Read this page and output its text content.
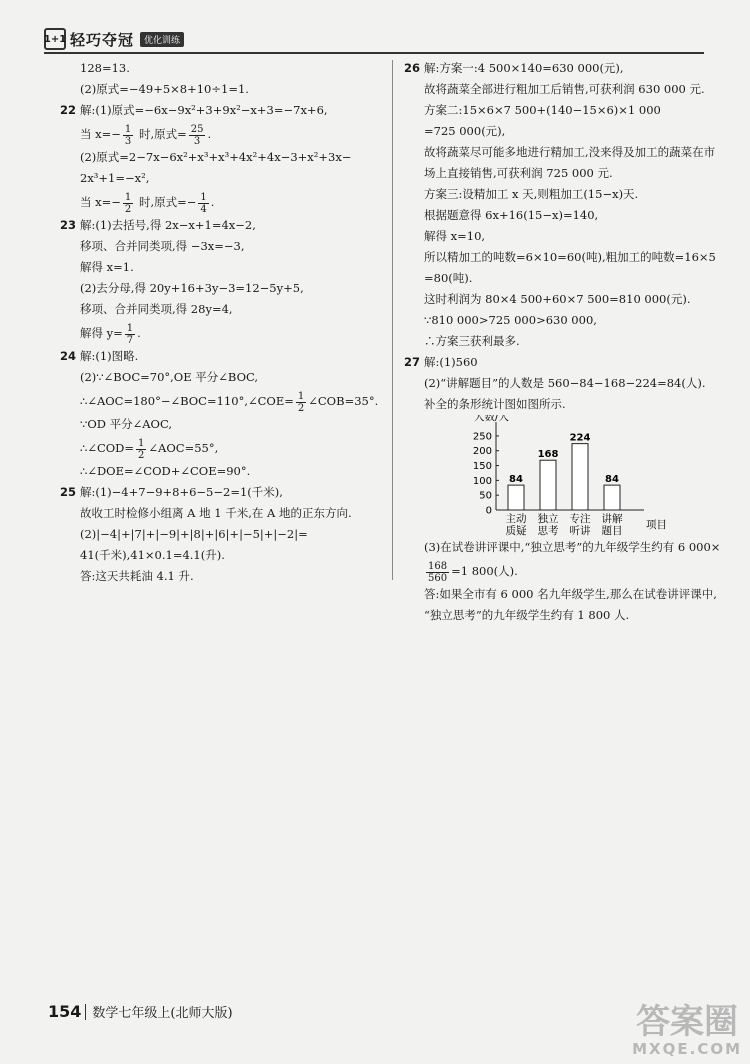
1+1 轻巧夺冠	优化训练
128=13.
(2)原式=−49+5×8+10÷1=1.
22 解:(1)原式=−6x−9x²+3+9x²−x+3=−7x+6,
当 $x=- \frac{1}{3}$ 时,原式= $\frac{25}{3}$ .
(2)原式=2−7x−6x²+x³+x³+4x²+4x−3+x²+3x−
2x³+1=−x²,
当 $x=- \frac{1}{2}$ 时,原式=− $\frac{1}{4}$ .
23 解:(1)去括号,得 2x−x+1=4x−2,
移项、合并同类项,得 −3x=−3,
解得 x=1.
(2)去分母,得 20y+16+3y−3=12−5y+5,
移项、合并同类项,得 28y=4,
解得 $y= \frac{1}{7}$ .
24 解:(1)图略.
(2)∵∠BOC=70°,OE 平分∠BOC,
∴∠AOC=180°−∠BOC=110°,∠COE= $\frac{1}{2}$ ∠COB=35°.
∵OD 平分∠AOC,
∴∠COD= $\frac{1}{2}$ ∠AOC=55°,
∴∠DOE=∠COD+∠COE=90°.
25 解:(1)−4+7−9+8+6−5−2=1(千米),
故收工时检修小组离 A 地 1 千米,在 A 地的正东方向.
(2)|−4|+|7|+|−9|+|8|+|6|+|−5|+|−2|=
41(千米),41×0.1=4.1(升).
答:这天共耗油 4.1 升.
26 解:方案一:4 500×140=630 000(元),
故将蔬菜全部进行粗加工后销售,可获利润 630 000 元.
方案二:15×6×7 500+(140−15×6)×1 000
=725 000(元),
故将蔬菜尽可能多地进行精加工,没来得及加工的蔬菜在市
场上直接销售,可获利润 725 000 元.
方案三:设精加工 x 天,则粗加工(15−x)天.
根据题意得 6x+16(15−x)=140,
解得 x=10,
所以精加工的吨数=6×10=60(吨),粗加工的吨数=16×5
=80(吨).
这时利润为 80×4 500+60×7 500=810 000(元).
∵810 000>725 000>630 000,
∴方案三获利最多.
27 解:(1)560
(2)“讲解题目”的人数是 560−84−168−224=84(人).
补全的条形统计图如图所示.
人数/人
项目
0
50
100
150
200
250
84
主动
质疑
168
独立
思考
224
专注
听讲
84
讲解
题目
(3)在试卷讲评课中,“独立思考”的九年级学生约有 6 000×
$\frac{168}{560} =1$ 800(人).
答:如果全市有 6 000 名九年级学生,那么在试卷讲评课中,
“独立思考”的九年级学生约有 1 800 人.
154 数学七年级上(北师大版)	答案圈
MXQE.COM
